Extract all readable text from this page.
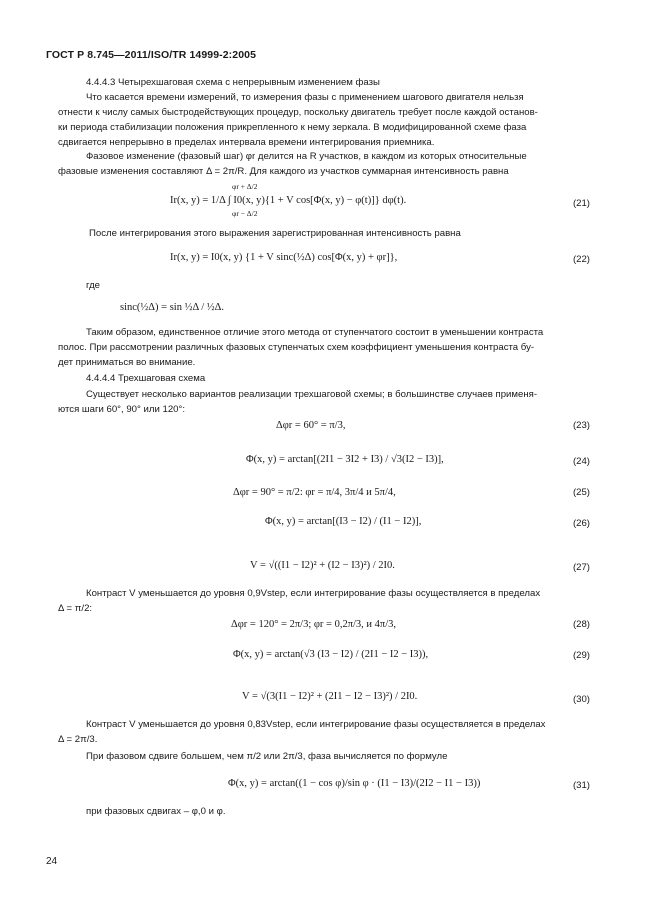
ГОСТ Р 8.745—2011/ISO/TR 14999-2:2005
4.4.4.3 Четырехшаговая схема с непрерывным изменением фазы
Что касается времени измерений, то измерения фазы с применением шагового двигателя нельзя
отнести к числу самых быстродействующих процедур, поскольку двигатель требует после каждой останов-
ки периода стабилизации положения прикрепленного к нему зеркала. В модифицированной схеме фаза
сдвигается непрерывно в пределах интервала времени интегрирования приемника.
Фазовое изменение (фазовый шаг) φr делится на R участков, в каждом из которых относительные
фазовые изменения составляют Δ = 2π/R. Для каждого из участков суммарная интенсивность равна
φr + Δ/2
Ir(x, y) = 1/Δ ∫ I0(x, y){1 + V cos[Φ(x, y) − φ(t)]} dφ(t).
φr − Δ/2
(21)
После интегрирования этого выражения зарегистрированная интенсивность равна
Ir(x, y) = I0(x, y) {1 + V sinc(½Δ) cos[Φ(x, y) + φr]},	(22)
где
sinc(½Δ) = sin ½Δ / ½Δ.
Таким образом, единственное отличие этого метода от ступенчатого состоит в уменьшении контраста
полос. При рассмотрении различных фазовых ступенчатых схем коэффициент уменьшения контраста бу-
дет приниматься во внимание.
4.4.4.4 Трехшаговая схема
Существует несколько вариантов реализации трехшаговой схемы; в большинстве случаев применя-
ются шаги 60°, 90° или 120°:
Δφr = 60° = π/3,	(23)
Φ(x, y) = arctan[(2I1 − 3I2 + I3) / √3(I2 − I3)],	(24)
Δφr = 90° = π/2: φr = π/4, 3π/4 и 5π/4,	(25)
Φ(x, y) = arctan[(I3 − I2) / (I1 − I2)],	(26)
V = √((I1 − I2)² + (I2 − I3)²) / 2I0.	(27)
Контраст V уменьшается до уровня 0,9Vstep, если интегрирование фазы осуществляется в пределах
Δ = π/2:
Δφr = 120° = 2π/3; φr = 0,2π/3, и 4π/3,	(28)
Φ(x, y) = arctan(√3 (I3 − I2) / (2I1 − I2 − I3)),	(29)
V = √(3(I1 − I2)² + (2I1 − I2 − I3)²) / 2I0.	(30)
Контраст V уменьшается до уровня 0,83Vstep, если интегрирование фазы осуществляется в пределах
Δ = 2π/3.
При фазовом сдвиге большем, чем π/2 или 2π/3, фаза вычисляется по формуле
Φ(x, y) = arctan((1 − cos φ)/sin φ · (I1 − I3)/(2I2 − I1 − I3))	(31)
при фазовых сдвигах – φ,0 и φ.
24
